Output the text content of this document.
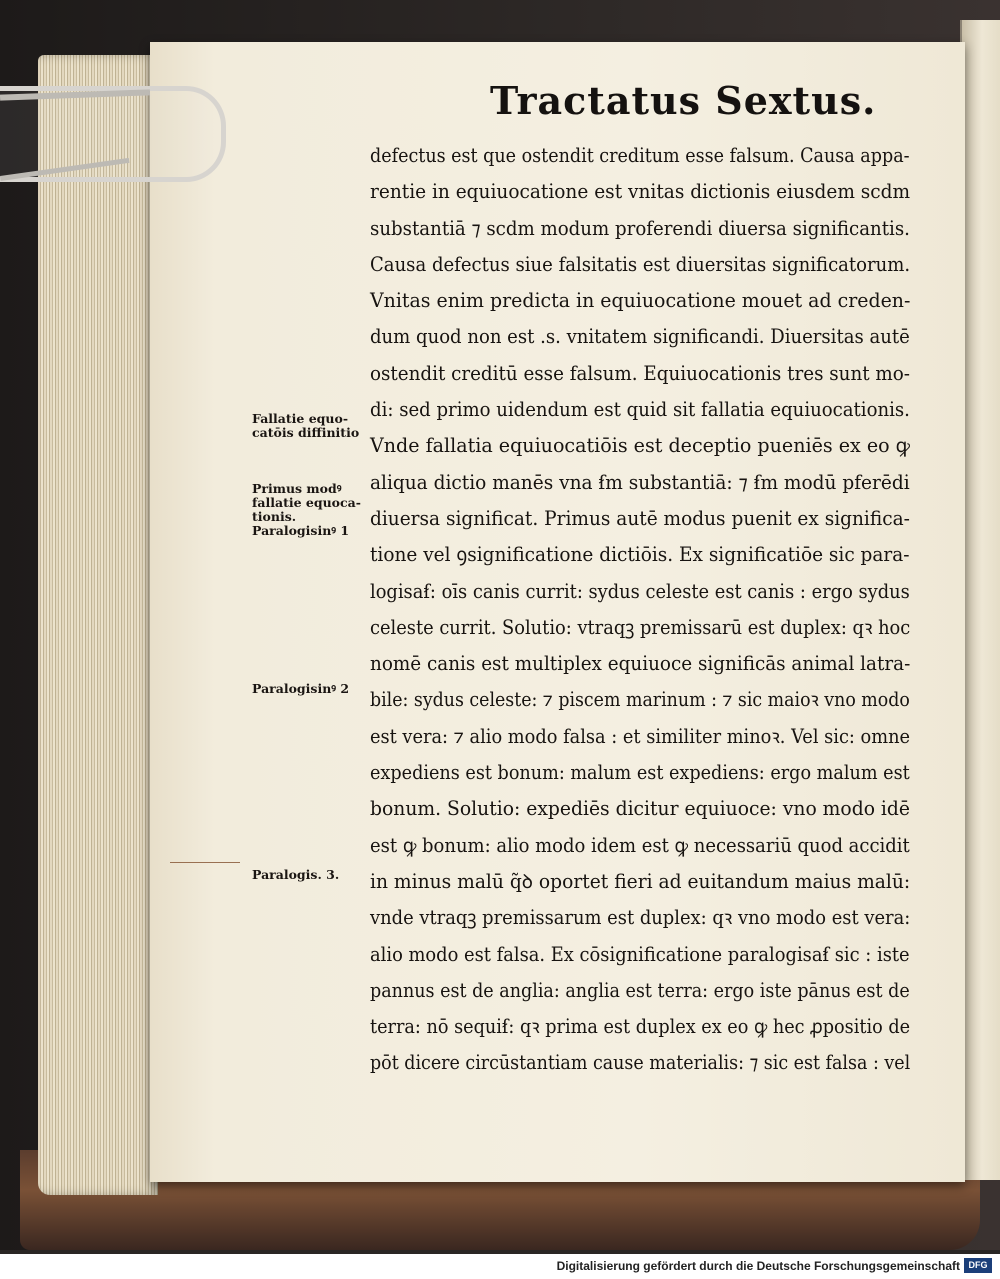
Tractatus Sextus.
defectus est que ostendit creditum esse falsum. Causa appa-
rentie in equiuocatione est vnitas dictionis eiusdem scdm
substantiā ⁊ scdm modum proferendi diuersa significantis.
Causa defectus siue falsitatis est diuersitas significatorum.
Vnitas enim predicta in equiuocatione mouet ad creden-
dum quod non est .s. vnitatem significandi. Diuersitas autē
ostendit creditū esse falsum. Equiuocationis tres sunt mo-
di: sed primo uidendum est quid sit fallatia equiuocationis.
Vnde fallatia equiuocatiōis est deceptio pueniēs ex eo ꝙ
aliqua dictio manēs vna ẜm substantiā: ⁊ ẜm modū pferēdi
diuersa significat. Primus autē modus puenit ex significa-
tione vel ꝯsignificatione dictiōis. Ex significatiōe sic para-
logisaẜ: oīs canis currit: sydus celeste est canis : ergo sydus
celeste currit. Solutio: vtraqꝫ premissarū est duplex: qꝛ hoc
nomē canis est multiplex equiuoce significās animal latra-
bile: sydus celeste: ⁊ piscem marinum : ⁊ sic maioꝛ vno modo
est vera: ⁊ alio modo falsa : et similiter minoꝛ. Vel sic: omne
expediens est bonum: malum est expediens: ergo malum est
bonum. Solutio: expediēs dicitur equiuoce: vno modo idē
est ꝙ bonum: alio modo idem est ꝙ necessariū quod accidit
in minus malū q̃ꝺ oportet fieri ad euitandum maius malū:
vnde vtraqꝫ premissarum est duplex: qꝛ vno modo est vera:
alio modo est falsa. Ex cōsignificatione paralogisaẜ sic : iste
pannus est de anglia: anglia est terra: ergo iste pānus est de
terra: nō sequiẜ: qꝛ prima est duplex ex eo ꝙ hec ꝓpositio de
pōt dicere circūstantiam cause materialis: ⁊ sic est falsa : vel
Fallatie equo-
catōis diffinitio
Primus modꝰ
fallatie equoca-
tionis.
Paralogisinꝰ 1
Paralogisinꝰ 2
Paralogis. 3.
Digitalisierung gefördert durch die Deutsche Forschungsgemeinschaft DFG
